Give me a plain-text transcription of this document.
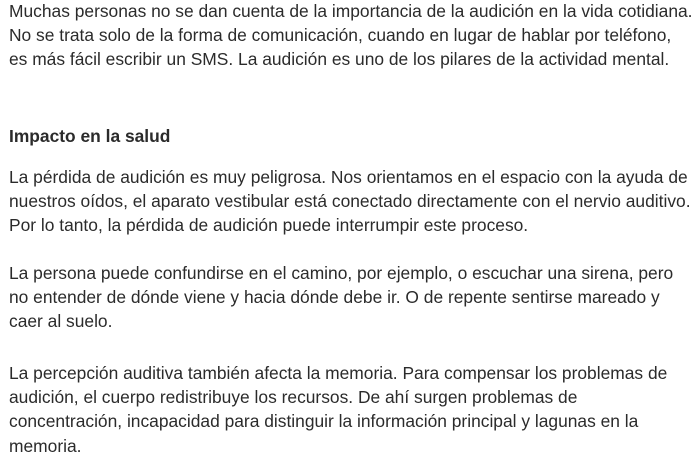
Muchas personas no se dan cuenta de la importancia de la audición en la vida cotidiana. No se trata solo de la forma de comunicación, cuando en lugar de hablar por teléfono, es más fácil escribir un SMS. La audición es uno de los pilares de la actividad mental.

Impacto en la salud

La pérdida de audición es muy peligrosa. Nos orientamos en el espacio con la ayuda de nuestros oídos, el aparato vestibular está conectado directamente con el nervio auditivo. Por lo tanto, la pérdida de audición puede interrumpir este proceso.

La persona puede confundirse en el camino, por ejemplo, o escuchar una sirena, pero no entender de dónde viene y hacia dónde debe ir. O de repente sentirse mareado y caer al suelo.

La percepción auditiva también afecta la memoria. Para compensar los problemas de audición, el cuerpo redistribuye los recursos. De ahí surgen problemas de concentración, incapacidad para distinguir la información principal y lagunas en la memoria.
